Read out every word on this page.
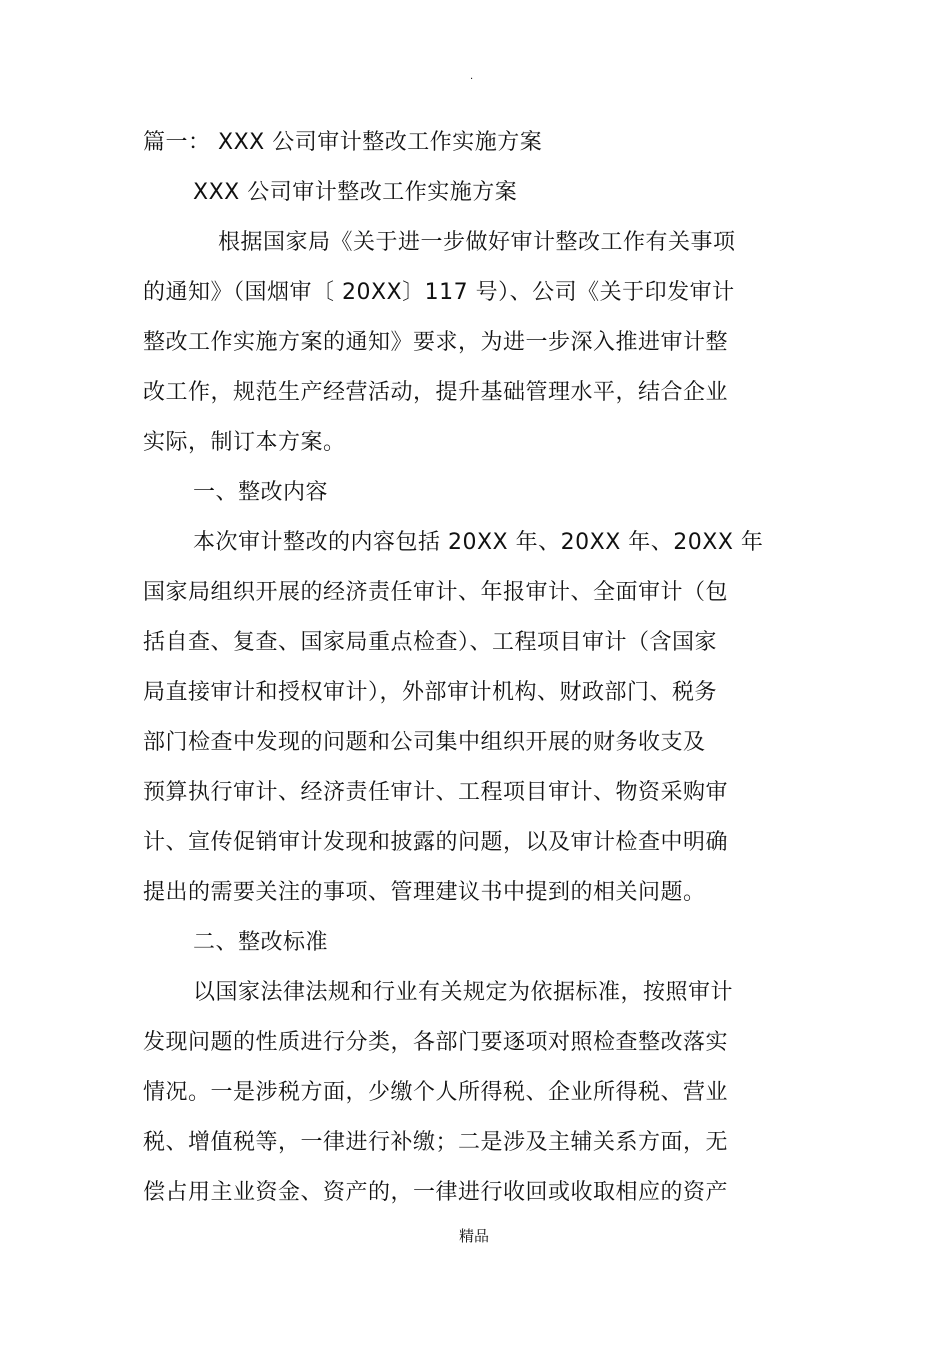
.
篇一： XXX 公司审计整改工作实施方案
XXX 公司审计整改工作实施方案
根据国家局《关于进一步做好审计整改工作有关事项
的通知》（国烟审〔 20XX〕117 号）、公司《关于印发审计
整改工作实施方案的通知》要求，为进一步深入推进审计整
改工作，规范生产经营活动，提升基础管理水平，结合企业
实际，制订本方案。
一、整改内容
本次审计整改的内容包括 20XX 年、20XX 年、20XX 年
国家局组织开展的经济责任审计、年报审计、全面审计（包
括自查、复查、国家局重点检查）、工程项目审计（含国家
局直接审计和授权审计），外部审计机构、财政部门、税务
部门检查中发现的问题和公司集中组织开展的财务收支及
预算执行审计、经济责任审计、工程项目审计、物资采购审
计、宣传促销审计发现和披露的问题，以及审计检查中明确
提出的需要关注的事项、管理建议书中提到的相关问题。
二、整改标准
以国家法律法规和行业有关规定为依据标准，按照审计
发现问题的性质进行分类，各部门要逐项对照检查整改落实
情况。一是涉税方面，少缴个人所得税、企业所得税、营业
税、增值税等，一律进行补缴；二是涉及主辅关系方面，无
偿占用主业资金、资产的，一律进行收回或收取相应的资产
精品
